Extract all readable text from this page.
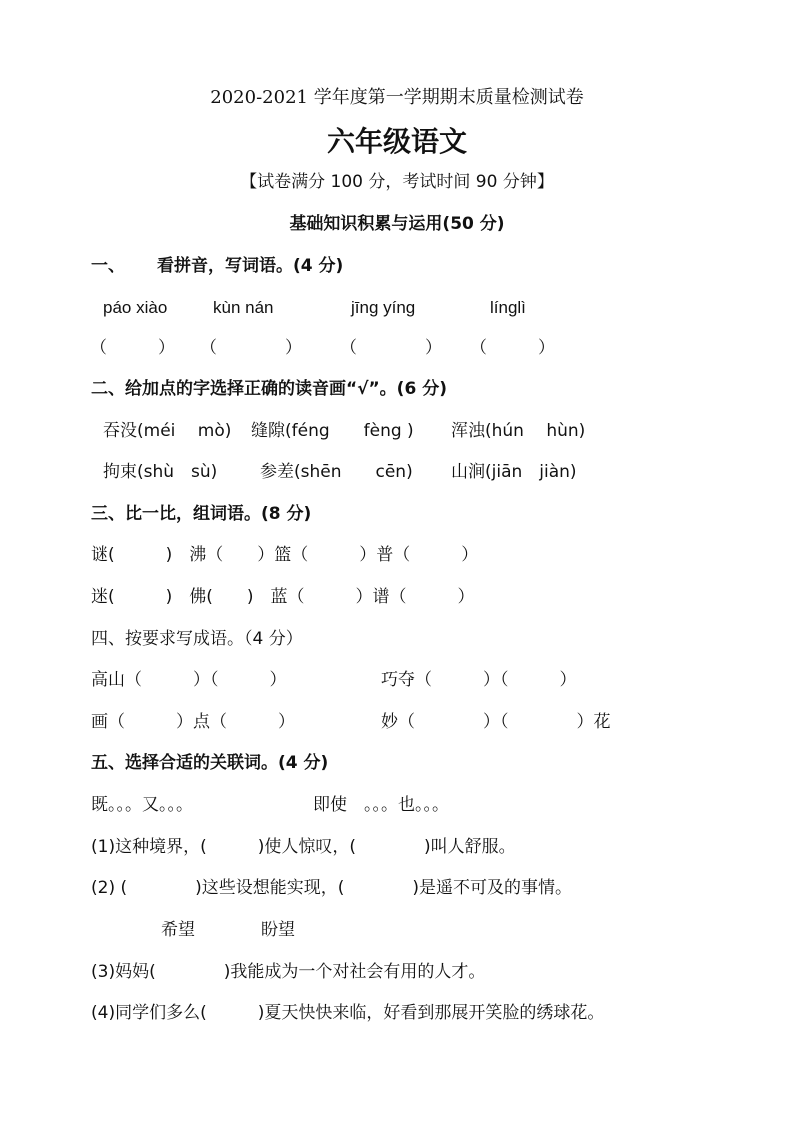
2020-2021 学年度第一学期期末质量检测试卷
六年级语文
【试卷满分 100 分，考试时间 90 分钟】
基础知识积累与运用(50 分)
一、 看拼音，写词语。(4 分)
páo xiào	kùn nán	jīng yíng	línglì
（　　　） （　　　　） （　　　　） （　　　）
二、给加点的字选择正确的读音画“√”。(6 分)
吞没(méi　 mò) 缝隙(féng　　fèng ) 浑浊(hún　 hùn)
拘束(shù　sù)	参差(shēn　　cēn) 山涧(jiān　jiàn)
三、比一比，组词语。(8 分)
谜(　　　)　沸（　　）篮（　　　）普（　　　）
迷(　　　)　佛(　　)　蓝（　　　）谱（　　　）
四、按要求写成语。（4 分）
高山（　　　）（　　　）	巧夺（　　　）（　　　）
画（　　　）点（　　　）	妙（　　　　）（　　　　）花
五、选择合适的关联词。(4 分)
既。。。又。。。	即使　。。。也。。。
(1)这种境界，(　　　)使人惊叹，(　　　　)叫人舒服。
(2) (　　　　)这些设想能实现，(　　　　)是遥不可及的事情。
希望	盼望
(3)妈妈(　　　　)我能成为一个对社会有用的人才。
(4)同学们多么(　　　)夏天快快来临，好看到那展开笑脸的绣球花。
